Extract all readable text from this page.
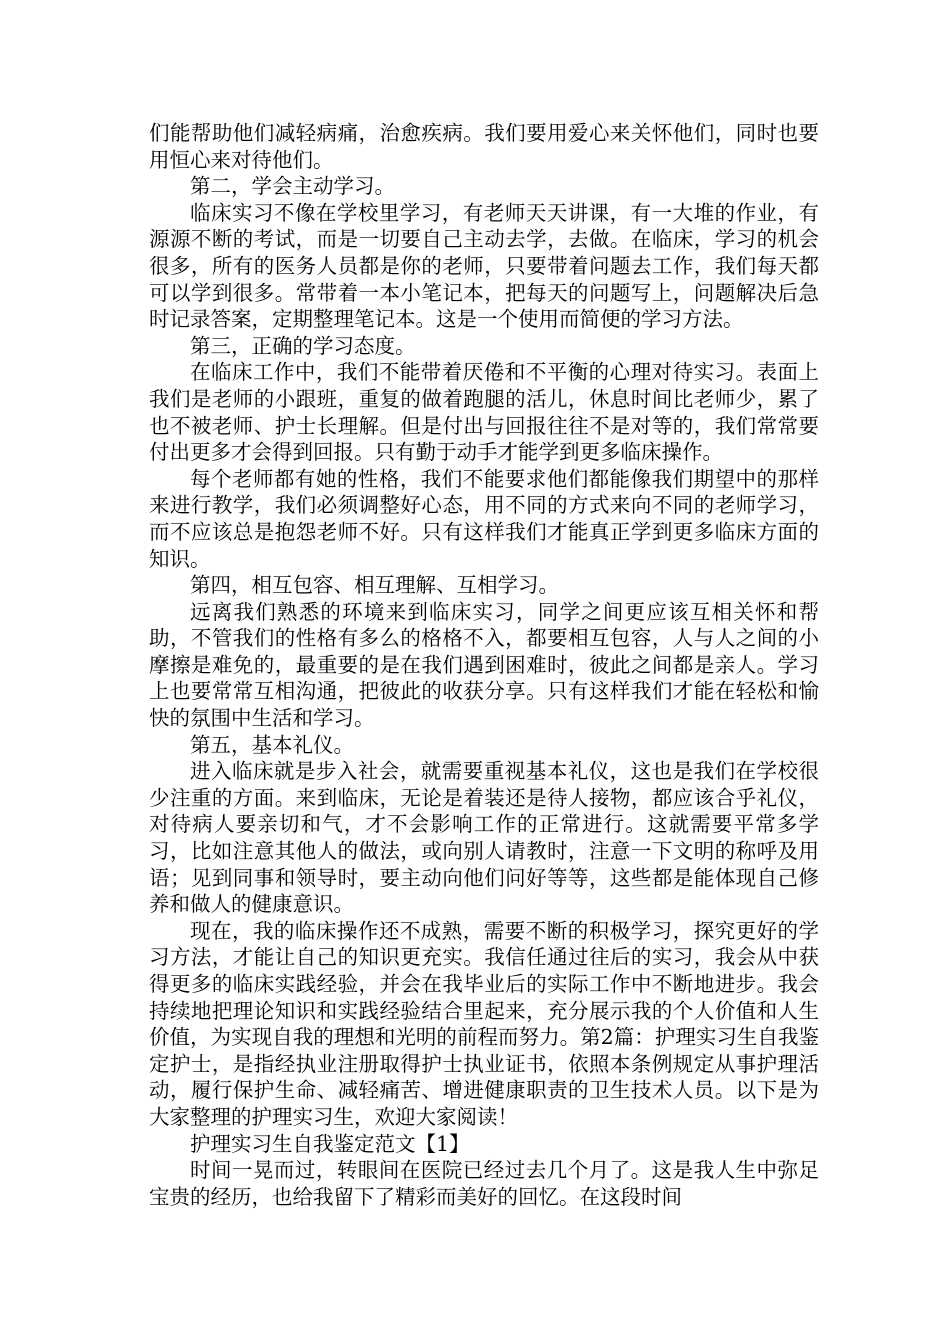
们能帮助他们减轻病痛，治愈疾病。我们要用爱心来关怀他们，同时也要用恒心来对待他们。

第二，学会主动学习。

临床实习不像在学校里学习，有老师天天讲课，有一大堆的作业，有源源不断的考试，而是一切要自己主动去学，去做。在临床，学习的机会很多，所有的医务人员都是你的老师，只要带着问题去工作，我们每天都可以学到很多。常带着一本小笔记本，把每天的问题写上，问题解决后急时记录答案，定期整理笔记本。这是一个使用而简便的学习方法。

第三，正确的学习态度。

在临床工作中，我们不能带着厌倦和不平衡的心理对待实习。表面上我们是老师的小跟班，重复的做着跑腿的活儿，休息时间比老师少，累了也不被老师、护士长理解。但是付出与回报往往不是对等的，我们常常要付出更多才会得到回报。只有勤于动手才能学到更多临床操作。

每个老师都有她的性格，我们不能要求他们都能像我们期望中的那样来进行教学，我们必须调整好心态，用不同的方式来向不同的老师学习，而不应该总是抱怨老师不好。只有这样我们才能真正学到更多临床方面的知识。

第四，相互包容、相互理解、互相学习。

远离我们熟悉的环境来到临床实习，同学之间更应该互相关怀和帮助，不管我们的性格有多么的格格不入，都要相互包容，人与人之间的小摩擦是难免的，最重要的是在我们遇到困难时，彼此之间都是亲人。学习上也要常常互相沟通，把彼此的收获分享。只有这样我们才能在轻松和愉快的氛围中生活和学习。

第五，基本礼仪。

进入临床就是步入社会，就需要重视基本礼仪，这也是我们在学校很少注重的方面。来到临床，无论是着装还是待人接物，都应该合乎礼仪，对待病人要亲切和气，才不会影响工作的正常进行。这就需要平常多学习，比如注意其他人的做法，或向别人请教时，注意一下文明的称呼及用语；见到同事和领导时，要主动向他们问好等等，这些都是能体现自己修养和做人的健康意识。

现在，我的临床操作还不成熟，需要不断的积极学习，探究更好的学习方法，才能让自己的知识更充实。我信任通过往后的实习，我会从中获得更多的临床实践经验，并会在我毕业后的实际工作中不断地进步。我会持续地把理论知识和实践经验结合里起来，充分展示我的个人价值和人生价值，为实现自我的理想和光明的前程而努力。第2篇：护理实习生自我鉴定护士，是指经执业注册取得护士执业证书，依照本条例规定从事护理活动，履行保护生命、减轻痛苦、增进健康职责的卫生技术人员。以下是为大家整理的护理实习生，欢迎大家阅读！

护理实习生自我鉴定范文【1】

时间一晃而过，转眼间在医院已经过去几个月了。这是我人生中弥足宝贵的经历，也给我留下了精彩而美好的回忆。在这段时间
